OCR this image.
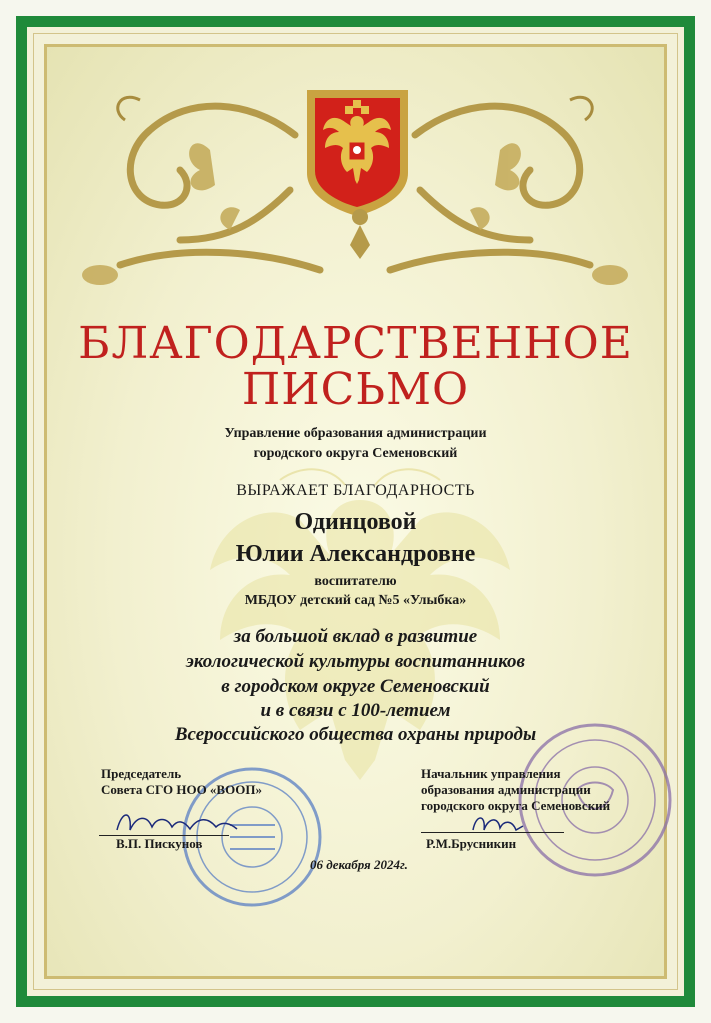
БЛАГОДАРСТВЕННОЕ
ПИСЬМО
Управление образования администрации
городского округа Семеновский
ВЫРАЖАЕТ БЛАГОДАРНОСТЬ
Одинцовой
Юлии Александровне
воспитателю
МБДОУ детский сад №5 «Улыбка»
за большой вклад в развитие
экологической культуры воспитанников
в городском округе Семеновский
и в связи с 100-летием
Всероссийского общества охраны природы
Председатель
Совета СГО НОО «ВООП»
В.П. Пискунов
Начальник управления
образования администрации
городского округа Семеновский
Р.М.Брусникин
06 декабря 2024г.
